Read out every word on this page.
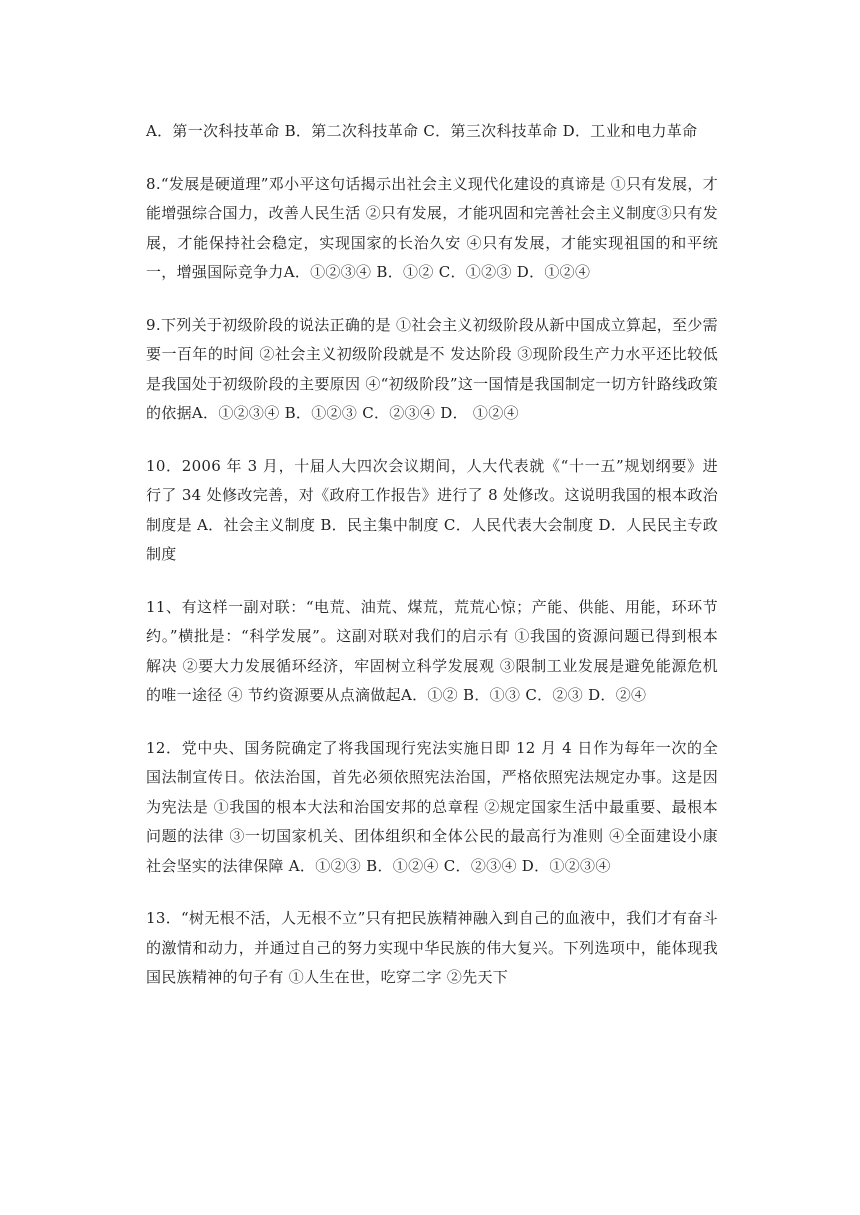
A．第一次科技革命 B．第二次科技革命 C．第三次科技革命 D．工业和电力革命

8.“发展是硬道理”邓小平这句话揭示出社会主义现代化建设的真谛是 ①只有发展，才能增强综合国力，改善人民生活 ②只有发展，才能巩固和完善社会主义制度③只有发展，才能保持社会稳定，实现国家的长治久安 ④只有发展，才能实现祖国的和平统一，增强国际竞争力A．①②③④ B．①② C．①②③ D．①②④

9.下列关于初级阶段的说法正确的是 ①社会主义初级阶段从新中国成立算起，至少需要一百年的时间 ②社会主义初级阶段就是不 发达阶段 ③现阶段生产力水平还比较低是我国处于初级阶段的主要原因 ④“初级阶段”这一国情是我国制定一切方针路线政策的依据A．①②③④ B．①②③ C．②③④ D． ①②④

10．2006 年 3 月，十届人大四次会议期间，人大代表就《“十一五”规划纲要》进行了 34 处修改完善，对《政府工作报告》进行了 8 处修改。这说明我国的根本政治制度是 A．社会主义制度 B．民主集中制度 C．人民代表大会制度 D．人民民主专政制度

11、有这样一副对联：“电荒、油荒、煤荒，荒荒心惊；产能、供能、用能，环环节约。”横批是：“科学发展”。这副对联对我们的启示有 ①我国的资源问题已得到根本解决 ②要大力发展循环经济，牢固树立科学发展观 ③限制工业发展是避免能源危机的唯一途径 ④ 节约资源要从点滴做起A．①② B．①③ C．②③ D．②④

12．党中央、国务院确定了将我国现行宪法实施日即 12 月 4 日作为每年一次的全国法制宣传日。依法治国，首先必须依照宪法治国，严格依照宪法规定办事。这是因为宪法是 ①我国的根本大法和治国安邦的总章程 ②规定国家生活中最重要、最根本问题的法律 ③一切国家机关、团体组织和全体公民的最高行为准则 ④全面建设小康社会坚实的法律保障 A．①②③ B．①②④ C．②③④ D．①②③④

13．“树无根不活，人无根不立”只有把民族精神融入到自己的血液中，我们才有奋斗的激情和动力，并通过自己的努力实现中华民族的伟大复兴。下列选项中，能体现我国民族精神的句子有 ①人生在世，吃穿二字 ②先天下
